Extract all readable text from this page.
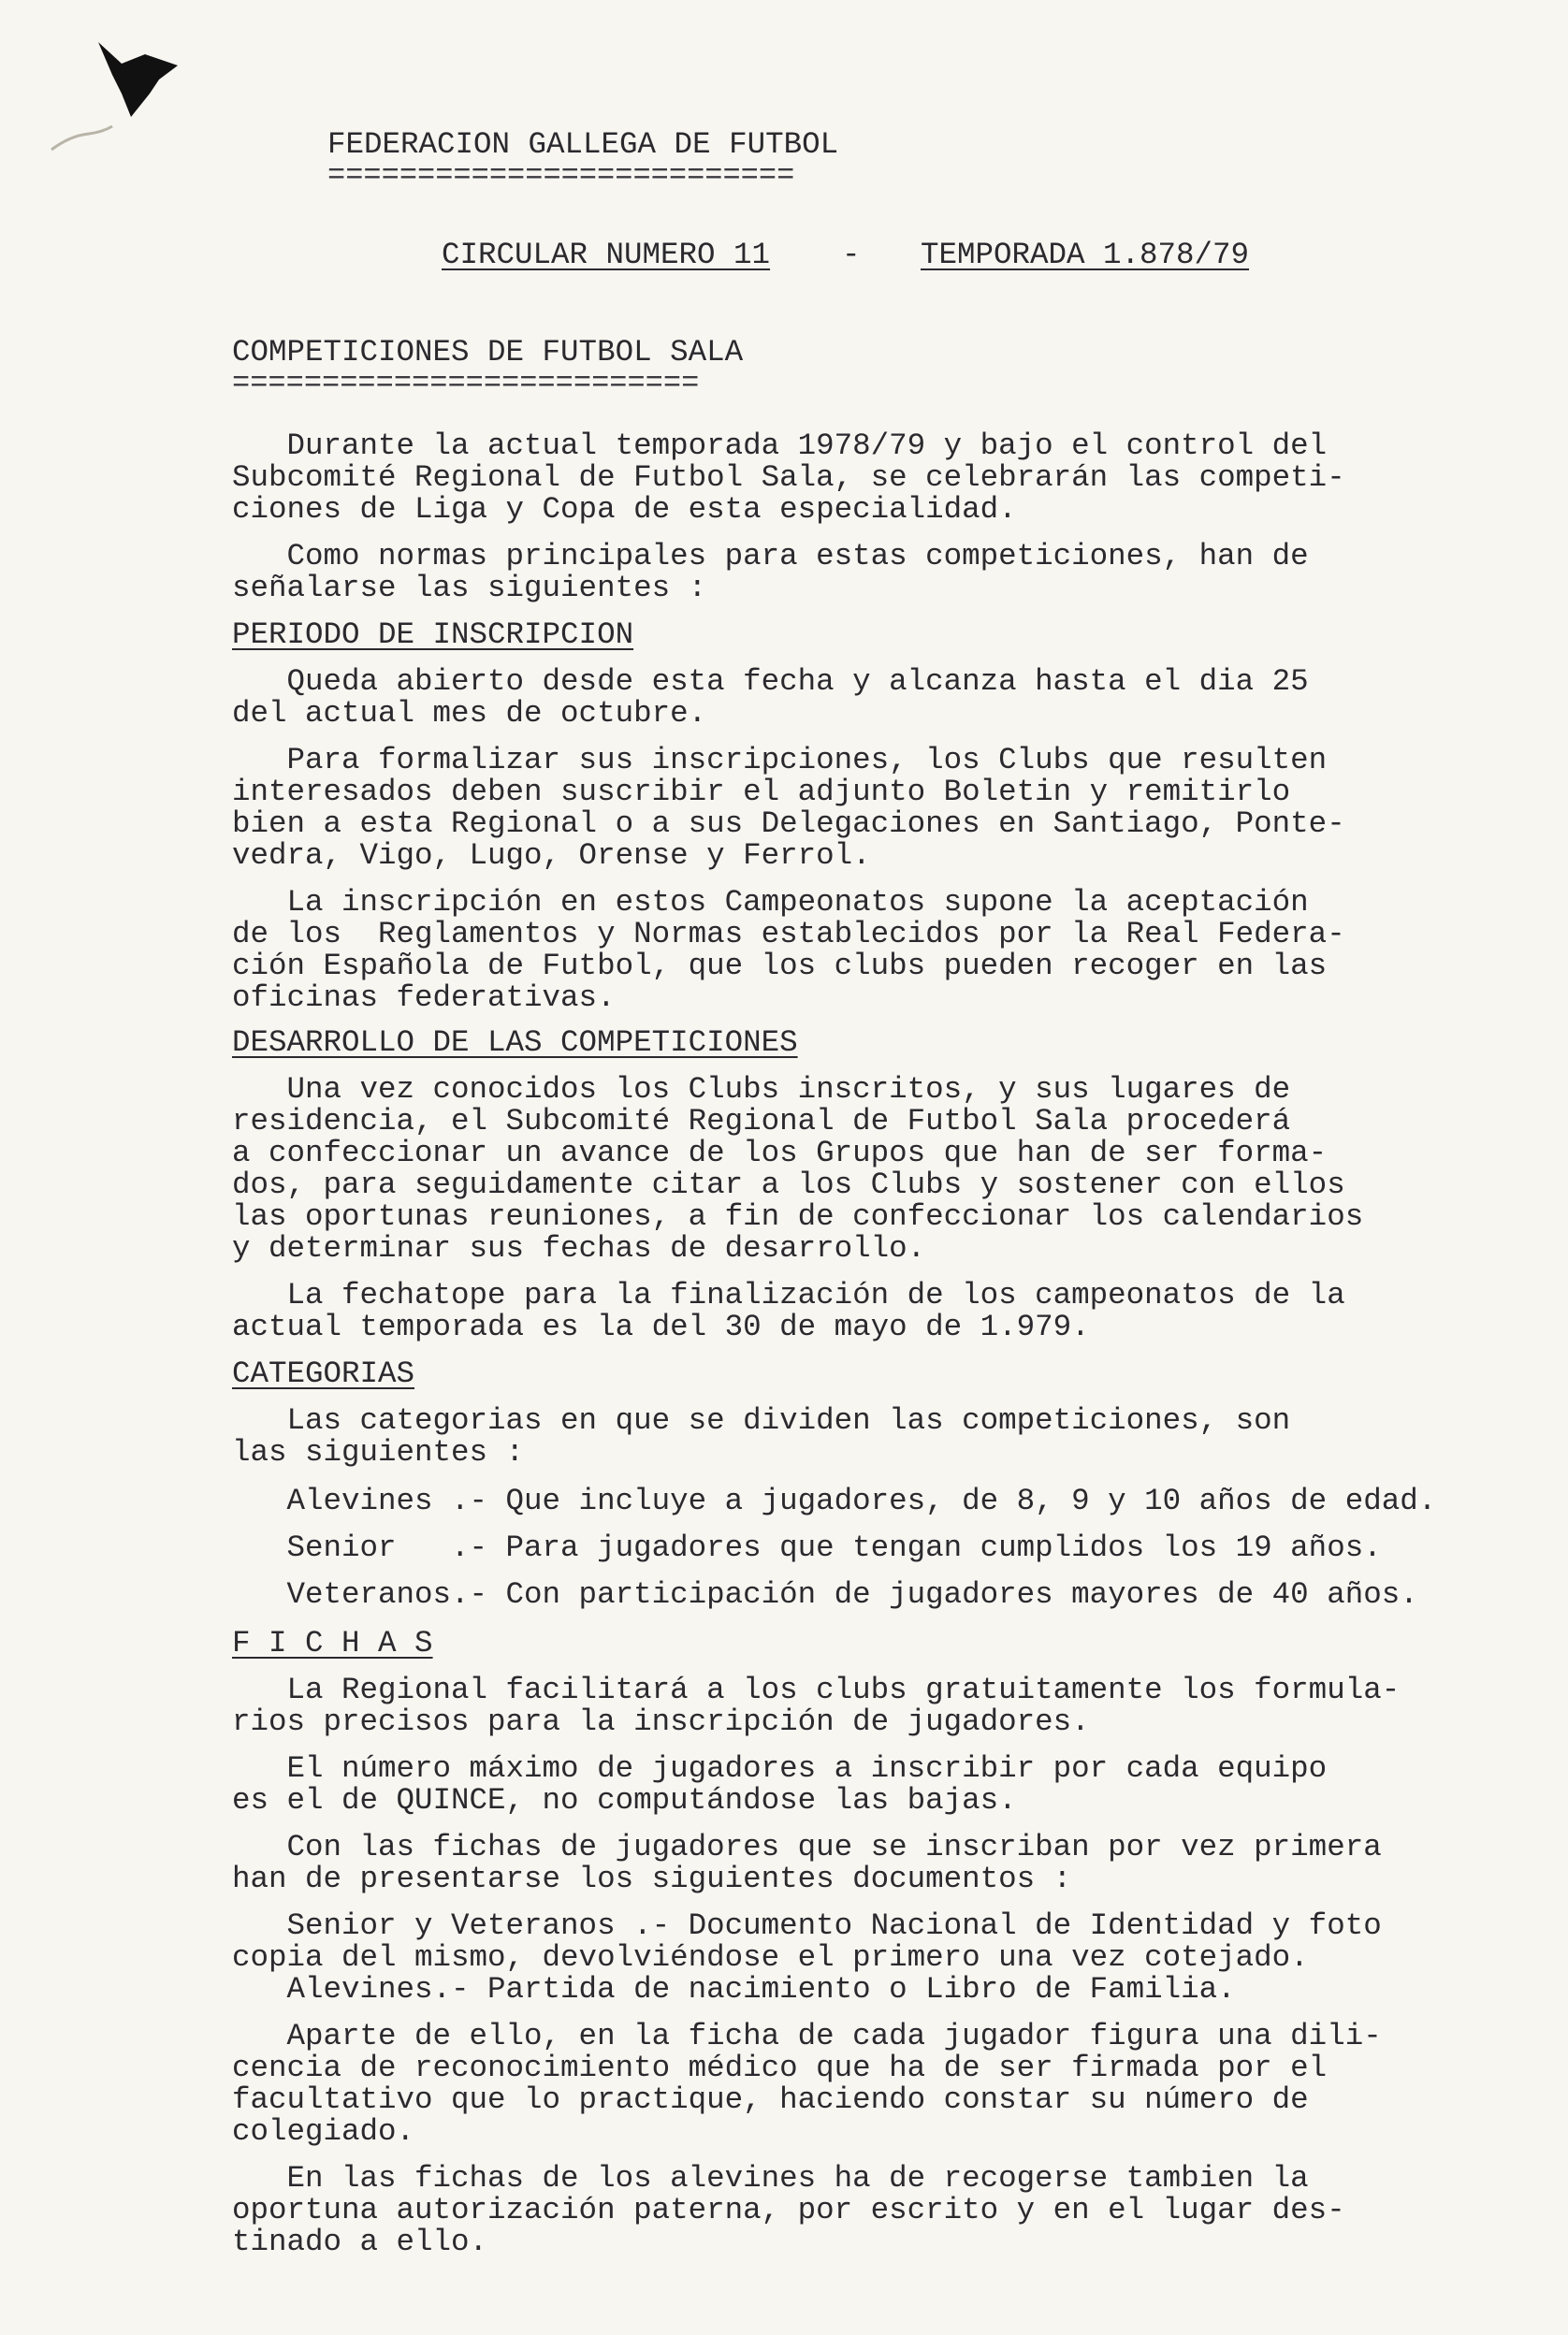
FEDERACION GALLEGA DE FUTBOL
==========================
CIRCULAR NUMERO 11 - TEMPORADA 1.878/79
COMPETICIONES DE FUTBOL SALA
==========================
Durante la actual temporada 1978/79 y bajo el control del
Subcomité Regional de Futbol Sala, se celebrarán las competi-
ciones de Liga y Copa de esta especialidad.
Como normas principales para estas competiciones, han de
señalarse las siguientes :
PERIODO DE INSCRIPCION
Queda abierto desde esta fecha y alcanza hasta el dia 25
del actual mes de octubre.
Para formalizar sus inscripciones, los Clubs que resulten
interesados deben suscribir el adjunto Boletin y remitirlo
bien a esta Regional o a sus Delegaciones en Santiago, Ponte-
vedra, Vigo, Lugo, Orense y Ferrol.
La inscripción en estos Campeonatos supone la aceptación
de los  Reglamentos y Normas establecidos por la Real Federa-
ción Española de Futbol, que los clubs pueden recoger en las
oficinas federativas.
DESARROLLO DE LAS COMPETICIONES
Una vez conocidos los Clubs inscritos, y sus lugares de
residencia, el Subcomité Regional de Futbol Sala procederá
a confeccionar un avance de los Grupos que han de ser forma-
dos, para seguidamente citar a los Clubs y sostener con ellos
las oportunas reuniones, a fin de confeccionar los calendarios
y determinar sus fechas de desarrollo.
La fechatope para la finalización de los campeonatos de la
actual temporada es la del 30 de mayo de 1.979.
CATEGORIAS
Las categorias en que se dividen las competiciones, son
las siguientes :
Alevines .- Que incluye a jugadores, de 8, 9 y 10 años de edad.
Senior   .- Para jugadores que tengan cumplidos los 19 años.
Veteranos.- Con participación de jugadores mayores de 40 años.
F I C H A S
La Regional facilitará a los clubs gratuitamente los formula-
rios precisos para la inscripción de jugadores.
El número máximo de jugadores a inscribir por cada equipo
es el de QUINCE, no computándose las bajas.
Con las fichas de jugadores que se inscriban por vez primera
han de presentarse los siguientes documentos :
Senior y Veteranos .- Documento Nacional de Identidad y foto
copia del mismo, devolviéndose el primero una vez cotejado.
Alevines.- Partida de nacimiento o Libro de Familia.
Aparte de ello, en la ficha de cada jugador figura una dili-
cencia de reconocimiento médico que ha de ser firmada por el
facultativo que lo practique, haciendo constar su número de
colegiado.
En las fichas de los alevines ha de recogerse tambien la
oportuna autorización paterna, por escrito y en el lugar des-
tinado a ello.
